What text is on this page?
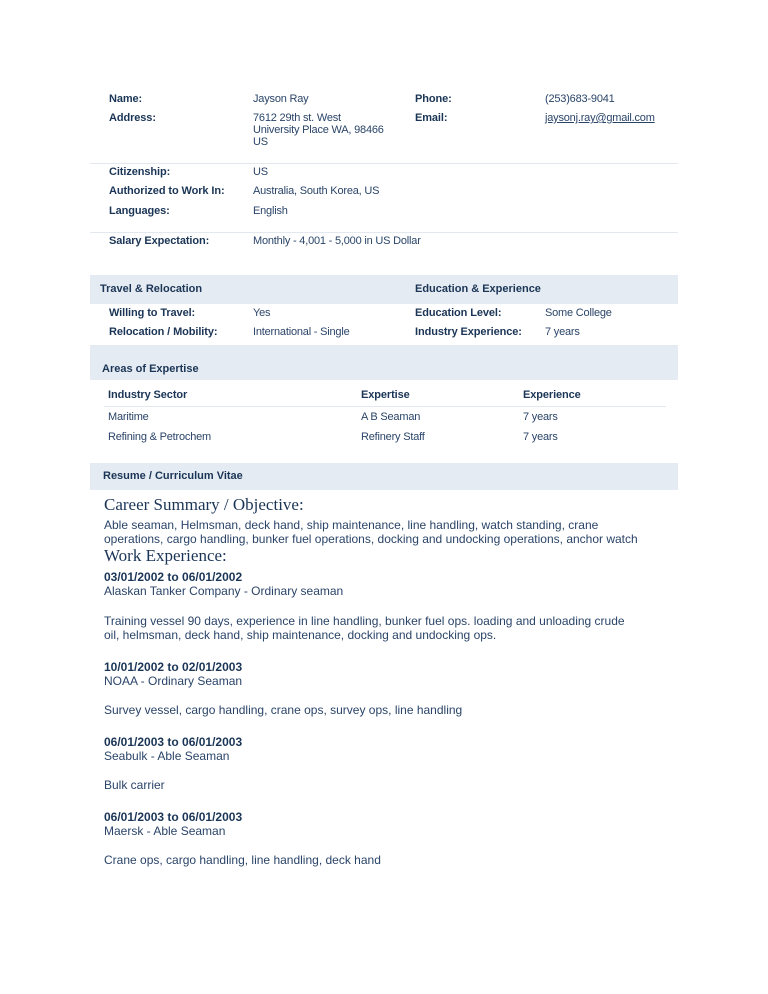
Name:	Jayson Ray	Phone:	(253)683-9041
Address:	7612 29th st. West
University Place WA, 98466
US
Email:	jaysonj.ray@gmail.com
Citizenship:	US
Authorized to Work In:	Australia, South Korea, US
Languages:	English
Salary Expectation:	Monthly - 4,001 - 5,000 in US Dollar
Travel & Relocation	Education & Experience
Willing to Travel:	Yes	Education Level:	Some College
Relocation / Mobility:	International - Single	Industry Experience: 7 years
Areas of Expertise
Industry Sector	Expertise	Experience
Maritime	A B Seaman	7 years
Refining & Petrochem	Refinery Staff	7 years
Resume / Curriculum Vitae
Career Summary / Objective:
Able seaman, Helmsman, deck hand, ship maintenance, line handling, watch standing, crane
operations, cargo handling, bunker fuel operations, docking and undocking operations, anchor watch
Work Experience:
03/01/2002 to 06/01/2002
Alaskan Tanker Company - Ordinary seaman
Training vessel 90 days, experience in line handling, bunker fuel ops. loading and unloading crude
oil, helmsman, deck hand, ship maintenance, docking and undocking ops.
10/01/2002 to 02/01/2003
NOAA - Ordinary Seaman
Survey vessel, cargo handling, crane ops, survey ops, line handling
06/01/2003 to 06/01/2003
Seabulk - Able Seaman
Bulk carrier
06/01/2003 to 06/01/2003
Maersk - Able Seaman
Crane ops, cargo handling, line handling, deck hand
